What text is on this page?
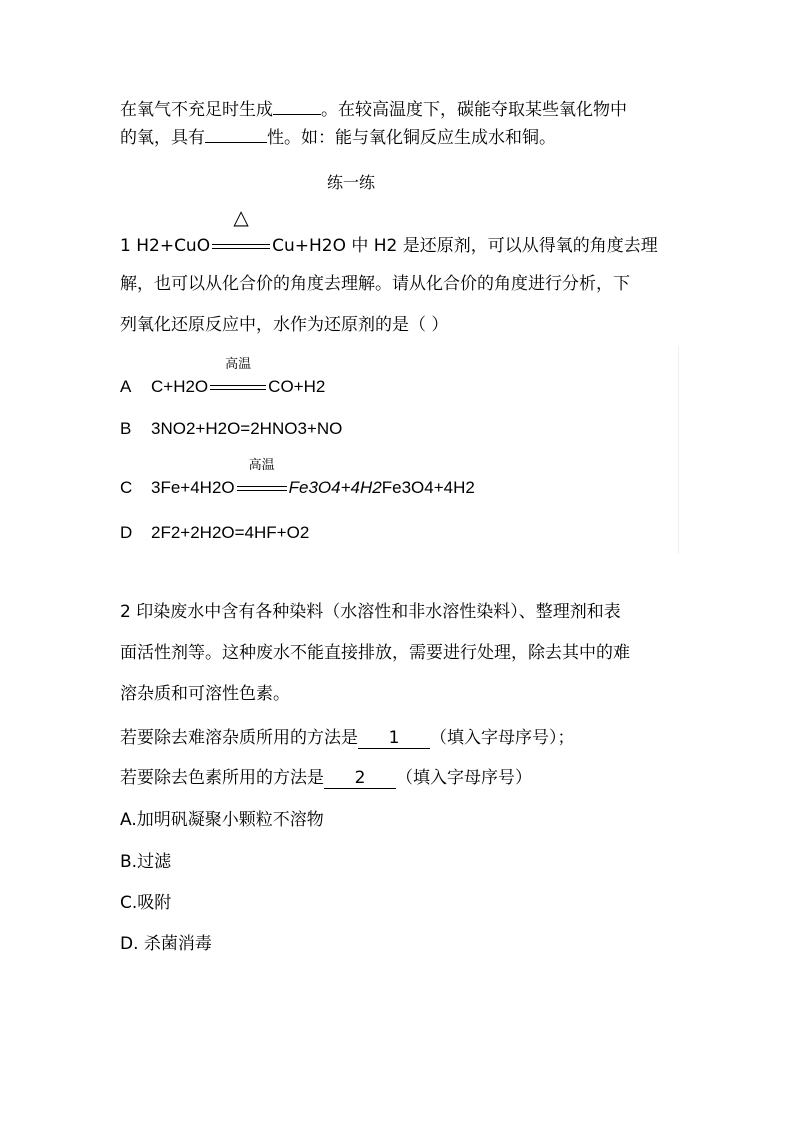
在氧气不充足时生成	。在较高温度下，碳能夺取某些氧化物中
的氧，具有	性。如：能与氧化铜反应生成水和铜。
练一练
1 H2+CuO
△
Cu+H2O 中 H2 是还原剂，可以从得氧的角度去理
解，也可以从化合价的角度去理解。请从化合价的角度进行分析，下
列氧化还原反应中，水作为还原剂的是（ ）
A C+H2O
高温
CO+H2
B 3NO2+H2O=2HNO3+NO
C 3Fe+4H2O
高温
Fe3O4+4H2Fe3O4+4H2
D 2F2+2H2O=4HF+O2
2 印染废水中含有各种染料（水溶性和非水溶性染料）、整理剂和表
面活性剂等。这种废水不能直接排放，需要进行处理，除去其中的难
溶杂质和可溶性色素。
若要除去难溶杂质所用的方法是 1 （填入字母序号）；
若要除去色素所用的方法是 2 （填入字母序号）
A.加明矾凝聚小颗粒不溶物
B.过滤
C.吸附
D. 杀菌消毒
